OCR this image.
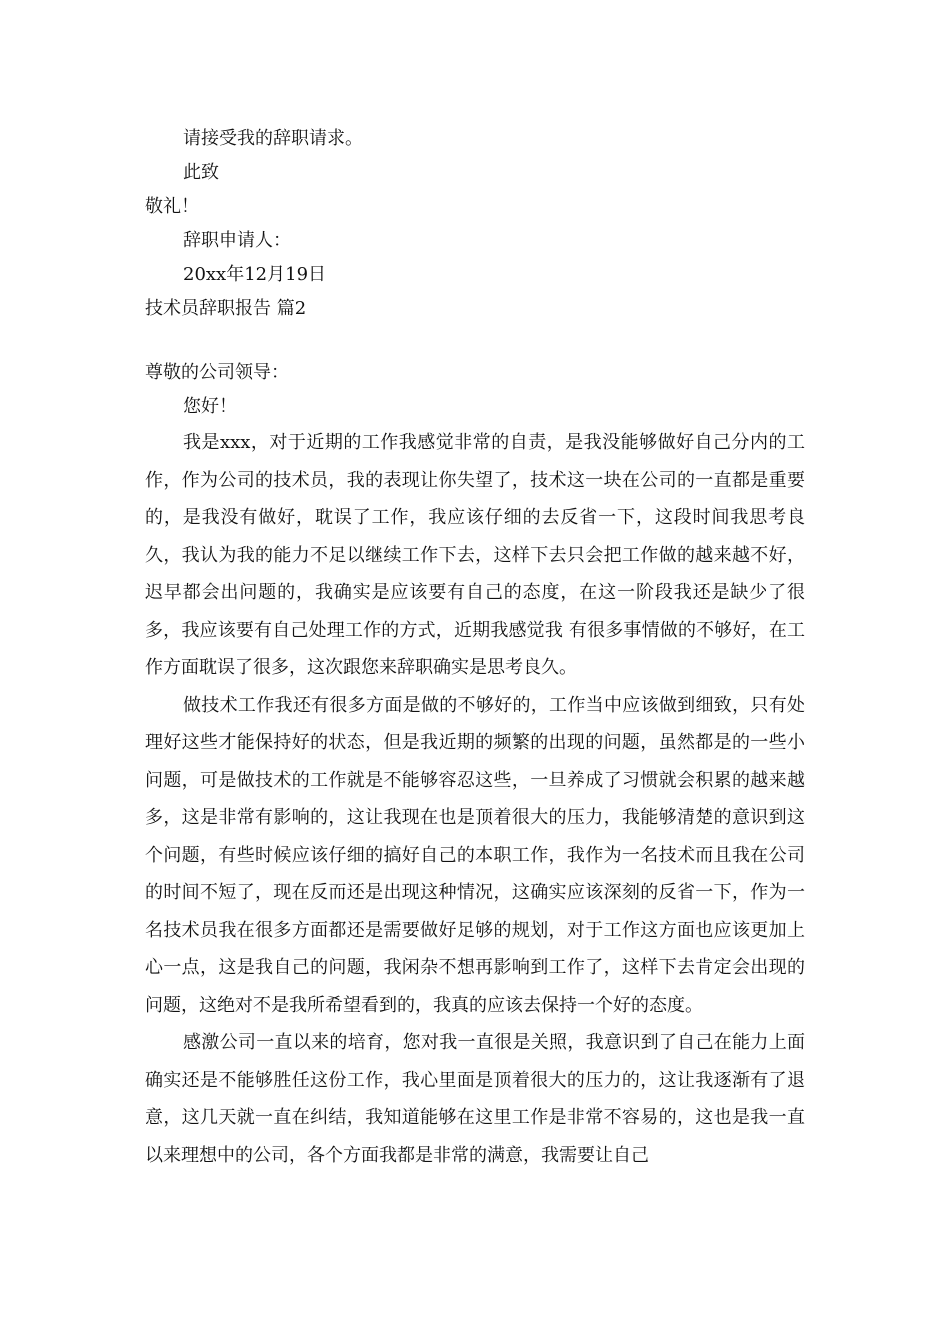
请接受我的辞职请求。
此致
敬礼！
辞职申请人：
20xx年12月19日
技术员辞职报告 篇2
尊敬的公司领导：
您好！

我是xxx，对于近期的工作我感觉非常的自责，是我没能够做好自己分内的工作，作为公司的技术员，我的表现让你失望了，技术这一块在公司的一直都是重要的，是我没有做好，耽误了工作，我应该仔细的去反省一下，这段时间我思考良久，我认为我的能力不足以继续工作下去，这样下去只会把工作做的越来越不好，迟早都会出问题的，我确实是应该要有自己的态度，在这一阶段我还是缺少了很多，我应该要有自己处理工作的方式，近期我感觉我 有很多事情做的不够好，在工作方面耽误了很多，这次跟您来辞职确实是思考良久。

做技术工作我还有很多方面是做的不够好的，工作当中应该做到细致，只有处理好这些才能保持好的状态，但是我近期的频繁的出现的问题，虽然都是的一些小问题，可是做技术的工作就是不能够容忍这些，一旦养成了习惯就会积累的越来越多，这是非常有影响的，这让我现在也是顶着很大的压力，我能够清楚的意识到这个问题，有些时候应该仔细的搞好自己的本职工作，我作为一名技术而且我在公司的时间不短了，现在反而还是出现这种情况，这确实应该深刻的反省一下，作为一名技术员我在很多方面都还是需要做好足够的规划，对于工作这方面也应该更加上心一点，这是我自己的问题，我闲杂不想再影响到工作了，这样下去肯定会出现的问题，这绝对不是我所希望看到的，我真的应该去保持一个好的态度。

感激公司一直以来的培育，您对我一直很是关照，我意识到了自己在能力上面确实还是不能够胜任这份工作，我心里面是顶着很大的压力的，这让我逐渐有了退意，这几天就一直在纠结，我知道能够在这里工作是非常不容易的，这也是我一直以来理想中的公司，各个方面我都是非常的满意，我需要让自己
